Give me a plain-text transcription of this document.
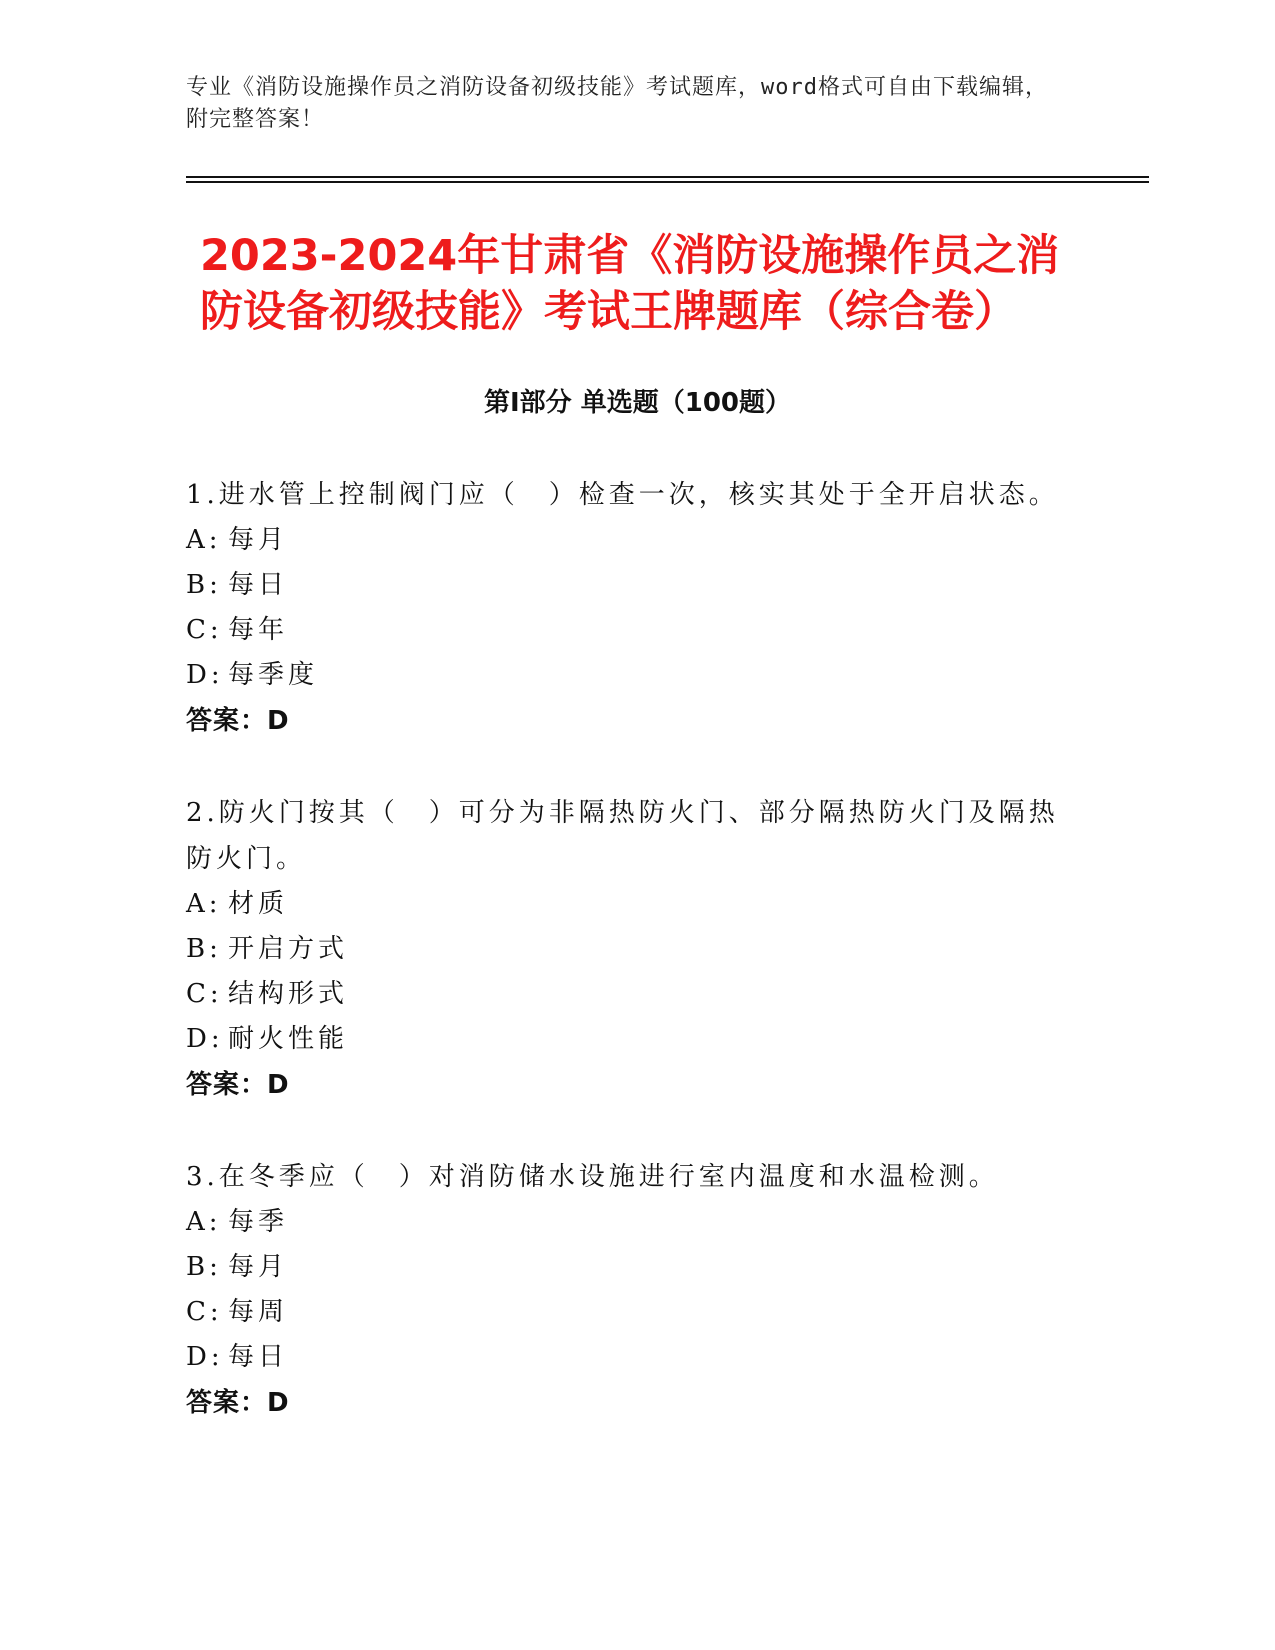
专业《消防设施操作员之消防设备初级技能》考试题库，word格式可自由下载编辑，附完整答案！
2023-2024年甘肃省《消防设施操作员之消防设备初级技能》考试王牌题库（综合卷）
第Ⅰ部分 单选题（100题）

1.进水管上控制阀门应（　）检查一次，核实其处于全开启状态。

A: 每月
B: 每日
C: 每年
D: 每季度
答案：D

2.防火门按其（　）可分为非隔热防火门、部分隔热防火门及隔热防火门。

A: 材质
B: 开启方式
C: 结构形式
D: 耐火性能
答案：D

3.在冬季应（　）对消防储水设施进行室内温度和水温检测。

A: 每季
B: 每月
C: 每周
D: 每日
答案：D
